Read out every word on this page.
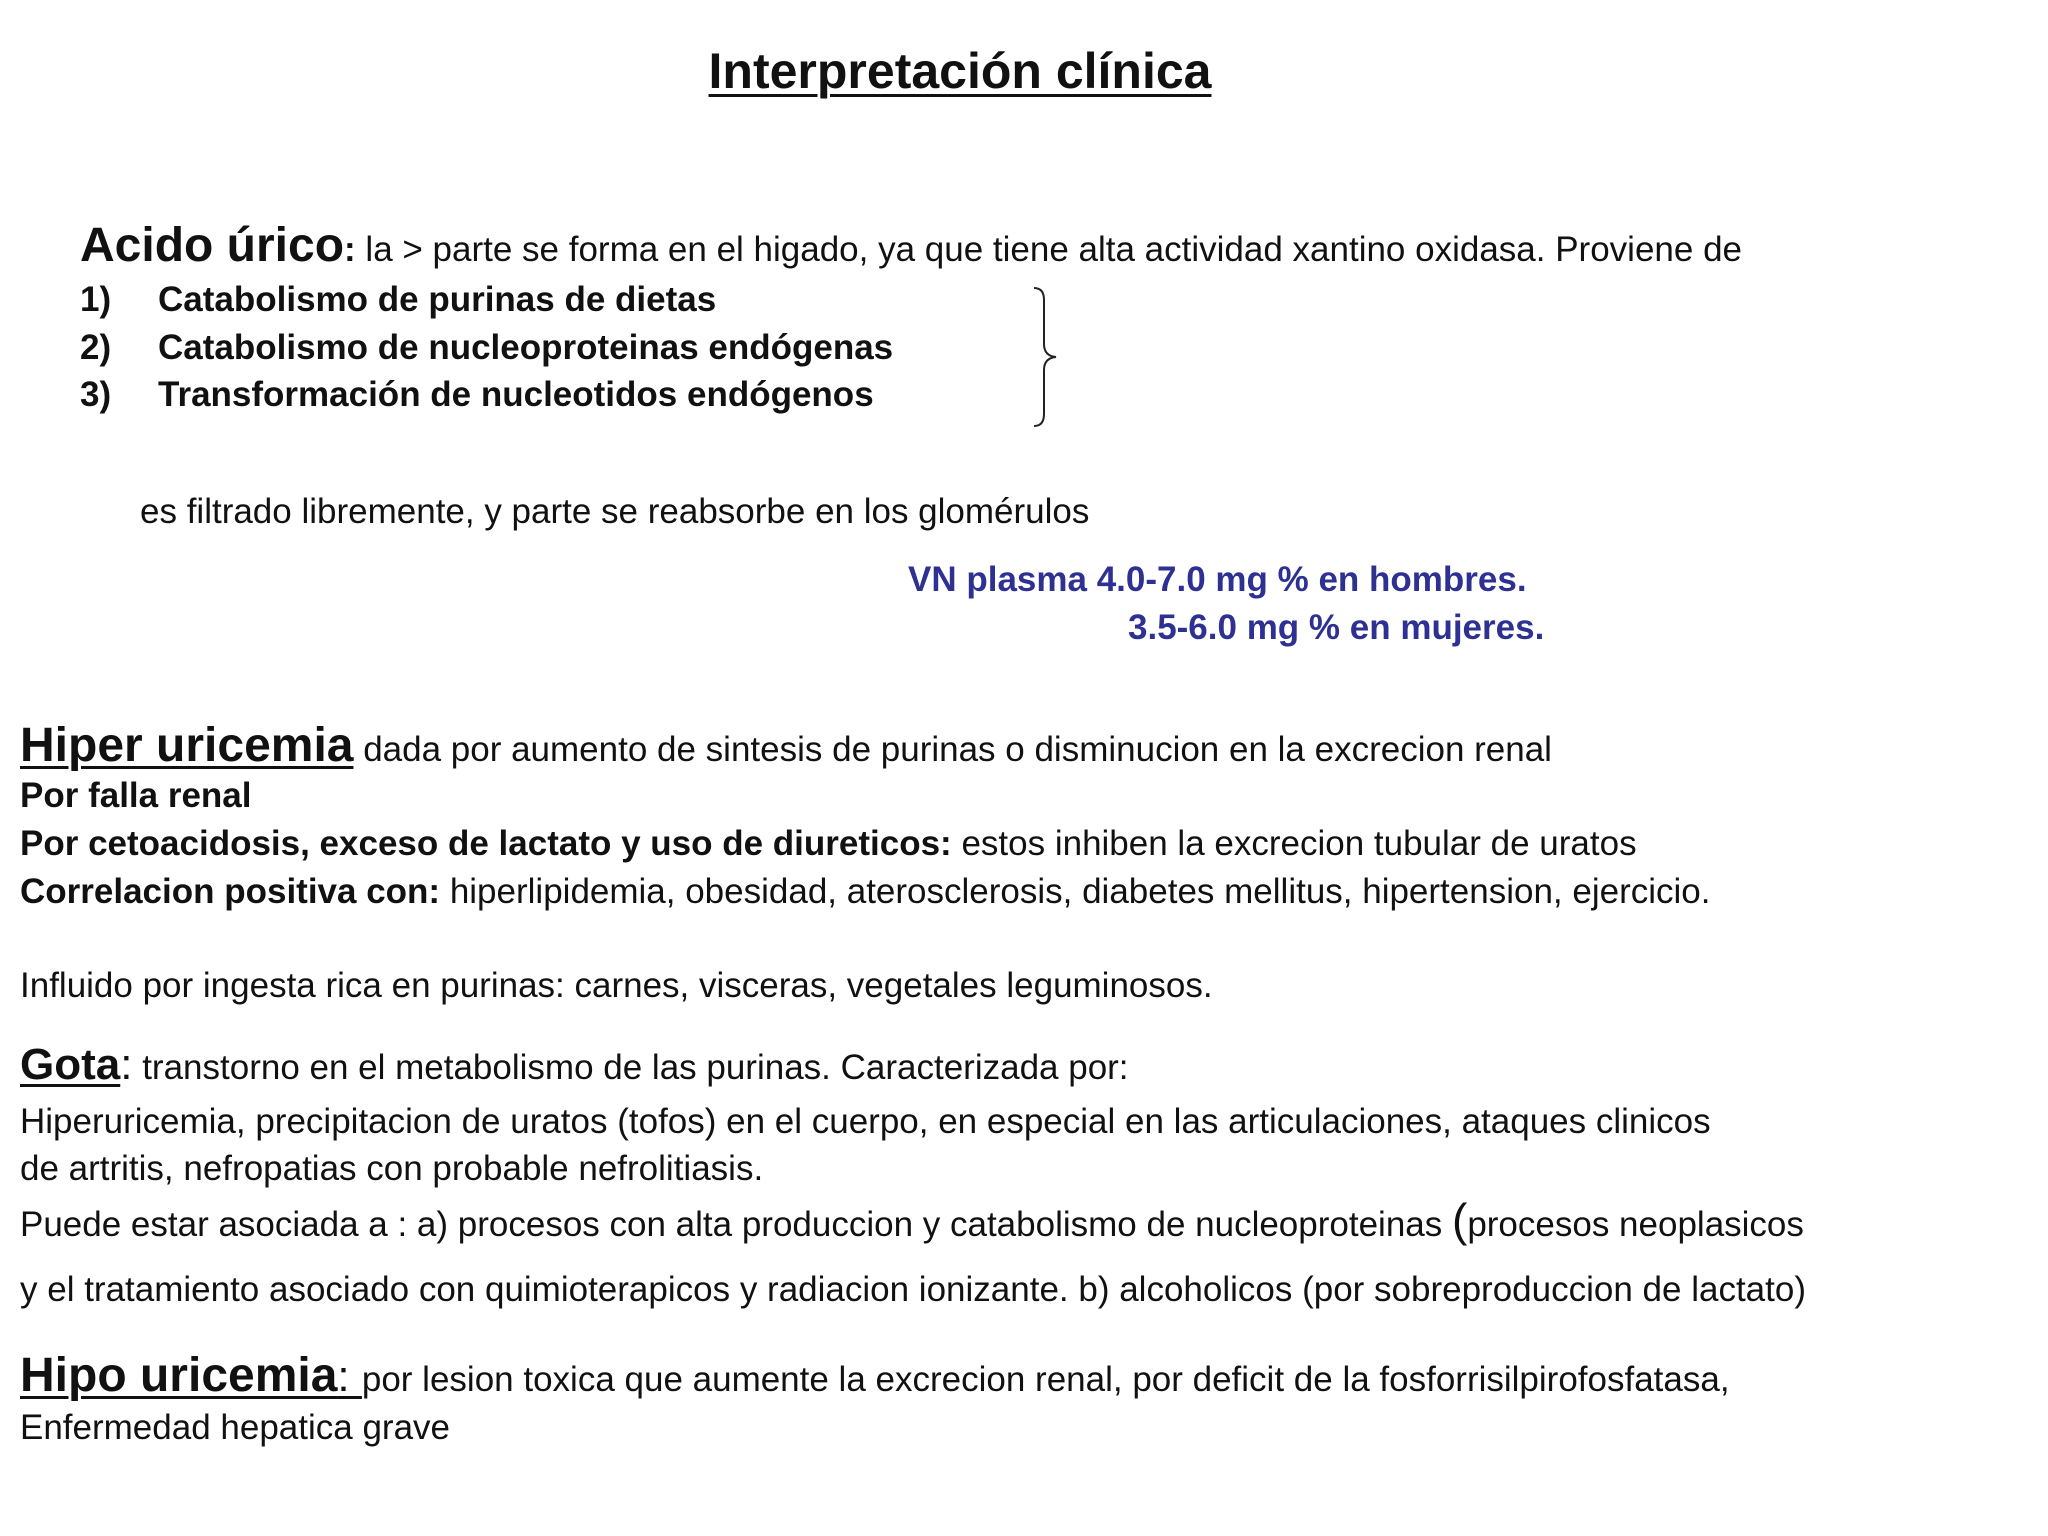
Interpretación clínica
Acido úrico: la > parte se forma en el higado, ya que tiene alta actividad xantino oxidasa. Proviene de
1) Catabolismo de purinas de dietas
2) Catabolismo de nucleoproteinas endógenas
3) Transformación de nucleotidos endógenos
es filtrado libremente, y parte se reabsorbe en los glomérulos
VN plasma 4.0-7.0 mg % en hombres.
3.5-6.0 mg % en mujeres.
Hiper uricemia dada por aumento de sintesis de purinas o disminucion en la excrecion renal
Por falla renal
Por cetoacidosis, exceso de lactato y uso de diureticos: estos inhiben la excrecion tubular de uratos
Correlacion positiva con: hiperlipidemia, obesidad, aterosclerosis, diabetes mellitus, hipertension, ejercicio.
Influido por ingesta rica en purinas: carnes, visceras, vegetales leguminosos.
Gota: transtorno en el metabolismo de las purinas. Caracterizada por:
Hiperuricemia, precipitacion de uratos (tofos) en el cuerpo, en especial en las articulaciones, ataques clinicos
de artritis, nefropatias con probable nefrolitiasis.
Puede estar asociada a : a) procesos con alta produccion y catabolismo de nucleoproteinas (procesos neoplasicos
y el tratamiento asociado con quimioterapicos y radiacion ionizante. b) alcoholicos (por sobreproduccion de lactato)
Hipo uricemia: por lesion toxica que aumente la excrecion renal, por deficit de la fosforrisilpirofosfatasa,
Enfermedad hepatica grave
